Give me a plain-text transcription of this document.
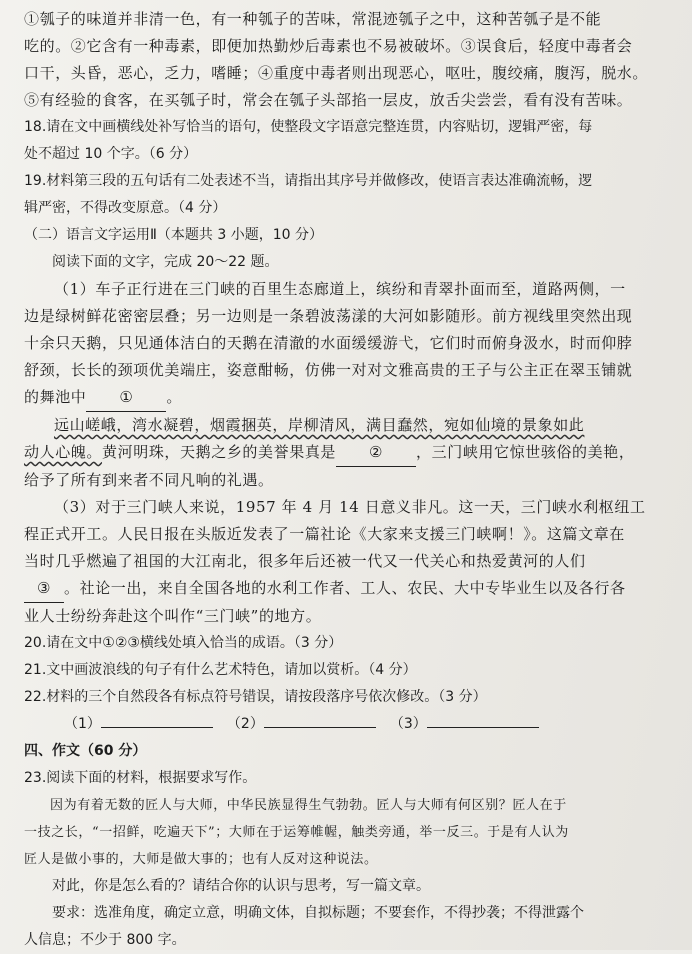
①瓠子的味道并非清一色，有一种瓠子的苦味，常混迹瓠子之中，这种苦瓠子是不能

吃的。②它含有一种毒素，即便加热勤炒后毒素也不易被破坏。③误食后，轻度中毒者会

口干，头昏，恶心，乏力，嗜睡；④重度中毒者则出现恶心，呕吐，腹绞痛，腹泻，脱水。

⑤有经验的食客，在买瓠子时，常会在瓠子头部掐一层皮，放舌尖尝尝，看有没有苦味。

18.请在文中画横线处补写恰当的语句，使整段文字语意完整连贯，内容贴切，逻辑严密，每

处不超过 10 个字。（6 分）

19.材料第三段的五句话有二处表述不当，请指出其序号并做修改，使语言表达准确流畅，逻

辑严密，不得改变原意。（4 分）

（二）语言文字运用Ⅱ（本题共 3 小题，10 分）

阅读下面的文字，完成 20～22 题。

（1）车子正行进在三门峡的百里生态廊道上，缤纷和青翠扑面而至，道路两侧，一

边是绿树鲜花密密层叠；另一边则是一条碧波荡漾的大河如影随形。前方视线里突然出现

十余只天鹅，只见通体洁白的天鹅在清澈的水面缓缓游弋，它们时而俯身汲水，时而仰脖

舒颈，长长的颈项优美端庄，姿意酣畅，仿佛一对对文雅高贵的王子与公主正在翠玉铺就

的舞池中 ① 。

远山嵯峨，湾水凝碧，烟霞捆英，岸柳清风，满目蠢然，宛如仙境的景象如此

动人心魄。黄河明珠，天鹅之乡的美誉果真是 ② ，三门峡用它惊世骇俗的美艳，

给予了所有到来者不同凡响的礼遇。

（3）对于三门峡人来说，1957 年 4 月 14 日意义非凡。这一天，三门峡水利枢纽工

程正式开工。人民日报在头版近发表了一篇社论《大家来支援三门峡啊！》。这篇文章在

当时几乎燃遍了祖国的大江南北，很多年后还被一代又一代关心和热爱黄河的人们

③ 。社论一出，来自全国各地的水利工作者、工人、农民、大中专毕业生以及各行各

业人士纷纷奔赴这个叫作“三门峡”的地方。

20.请在文中①②③横线处填入恰当的成语。（3 分）

21.文中画波浪线的句子有什么艺术特色，请加以赏析。（4 分）

22.材料的三个自然段各有标点符号错误，请按段落序号依次修改。（3 分）

（1）	（2）	（3）

四、作文（60 分）

23.阅读下面的材料，根据要求写作。

因为有着无数的匠人与大师，中华民族显得生气勃勃。匠人与大师有何区别？匠人在于

一技之长，“一招鲜，吃遍天下”；大师在于运筹帷幄，触类旁通，举一反三。于是有人认为

匠人是做小事的，大师是做大事的；也有人反对这种说法。

对此，你是怎么看的？请结合你的认识与思考，写一篇文章。

要求：选准角度，确定立意，明确文体，自拟标题；不要套作，不得抄袭；不得泄露个

人信息；不少于 800 字。
